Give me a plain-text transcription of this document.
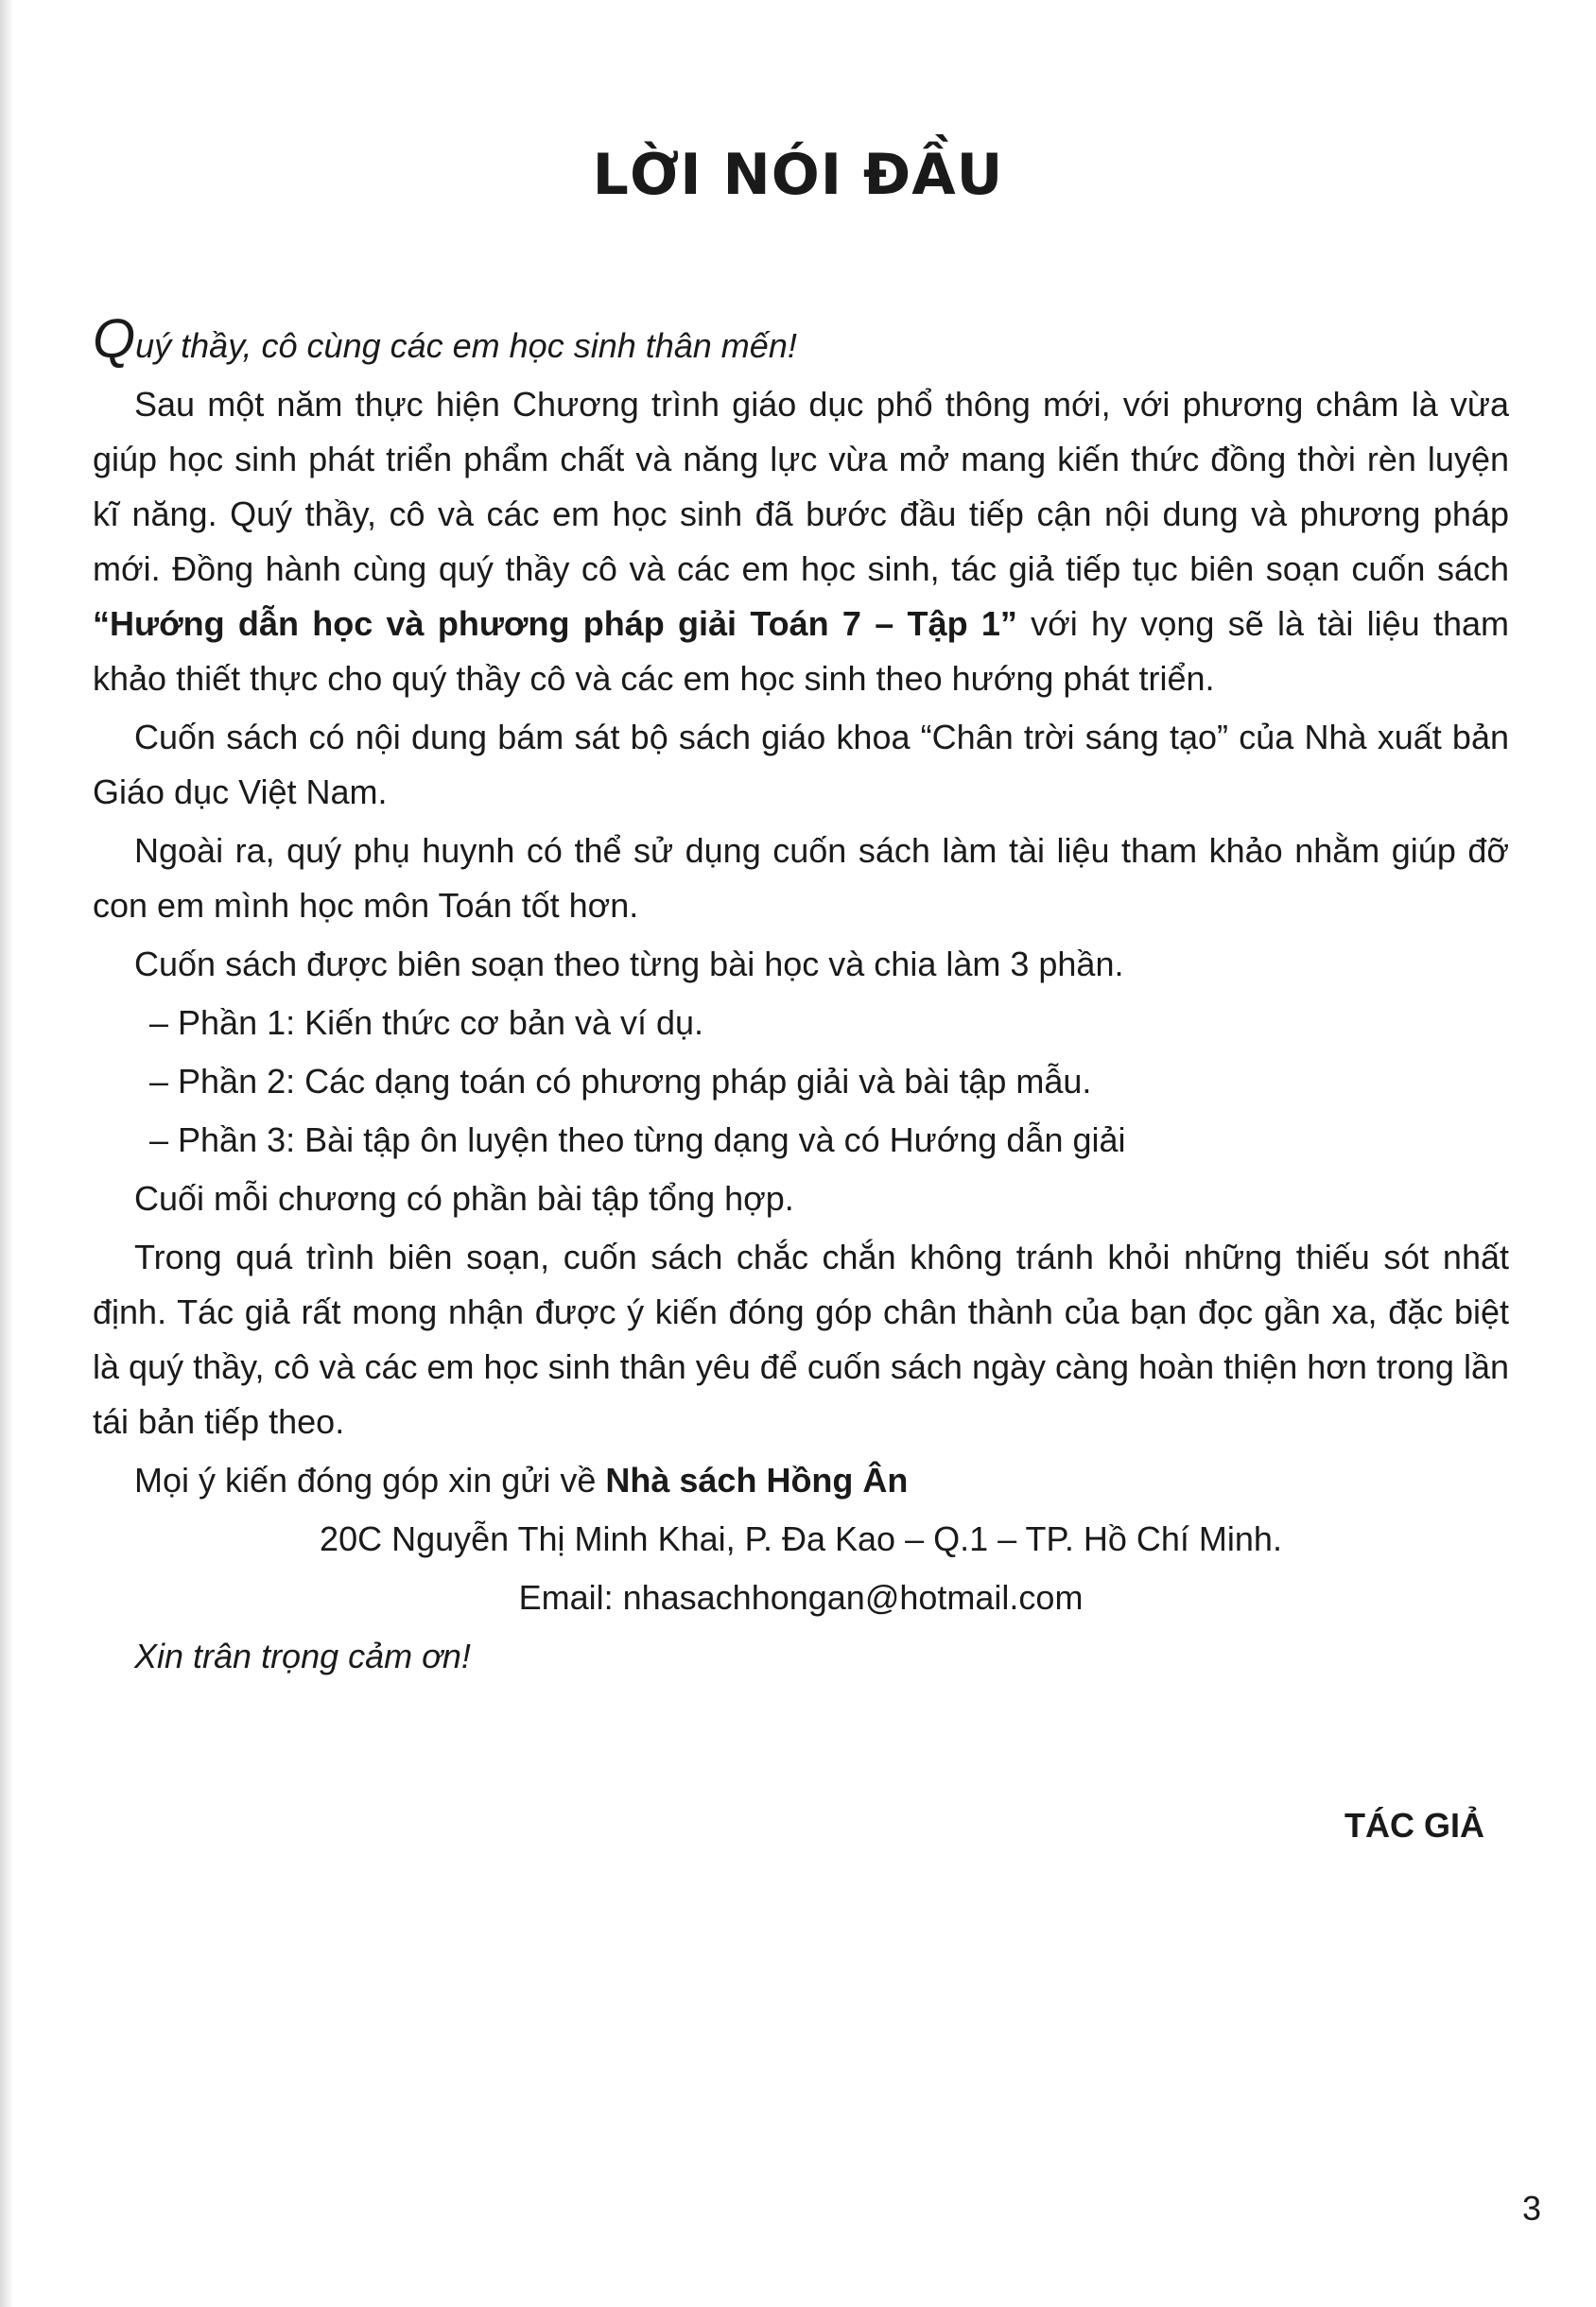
LỜI NÓI ĐẦU

Quý thầy, cô cùng các em học sinh thân mến!

Sau một năm thực hiện Chương trình giáo dục phổ thông mới, với phương châm là vừa giúp học sinh phát triển phẩm chất và năng lực vừa mở mang kiến thức đồng thời rèn luyện kĩ năng. Quý thầy, cô và các em học sinh đã bước đầu tiếp cận nội dung và phương pháp mới. Đồng hành cùng quý thầy cô và các em học sinh, tác giả tiếp tục biên soạn cuốn sách “Hướng dẫn học và phương pháp giải Toán 7 – Tập 1” với hy vọng sẽ là tài liệu tham khảo thiết thực cho quý thầy cô và các em học sinh theo hướng phát triển.

Cuốn sách có nội dung bám sát bộ sách giáo khoa “Chân trời sáng tạo” của Nhà xuất bản Giáo dục Việt Nam.

Ngoài ra, quý phụ huynh có thể sử dụng cuốn sách làm tài liệu tham khảo nhằm giúp đỡ con em mình học môn Toán tốt hơn.

Cuốn sách được biên soạn theo từng bài học và chia làm 3 phần.

– Phần 1: Kiến thức cơ bản và ví dụ.

– Phần 2: Các dạng toán có phương pháp giải và bài tập mẫu.

– Phần 3: Bài tập ôn luyện theo từng dạng và có Hướng dẫn giải

Cuối mỗi chương có phần bài tập tổng hợp.

Trong quá trình biên soạn, cuốn sách chắc chắn không tránh khỏi những thiếu sót nhất định. Tác giả rất mong nhận được ý kiến đóng góp chân thành của bạn đọc gần xa, đặc biệt là quý thầy, cô và các em học sinh thân yêu để cuốn sách ngày càng hoàn thiện hơn trong lần tái bản tiếp theo.

Mọi ý kiến đóng góp xin gửi về Nhà sách Hồng Ân

20C Nguyễn Thị Minh Khai, P. Đa Kao – Q.1 – TP. Hồ Chí Minh.

Email: nhasachhongan@hotmail.com

Xin trân trọng cảm ơn!

TÁC GIẢ
3
